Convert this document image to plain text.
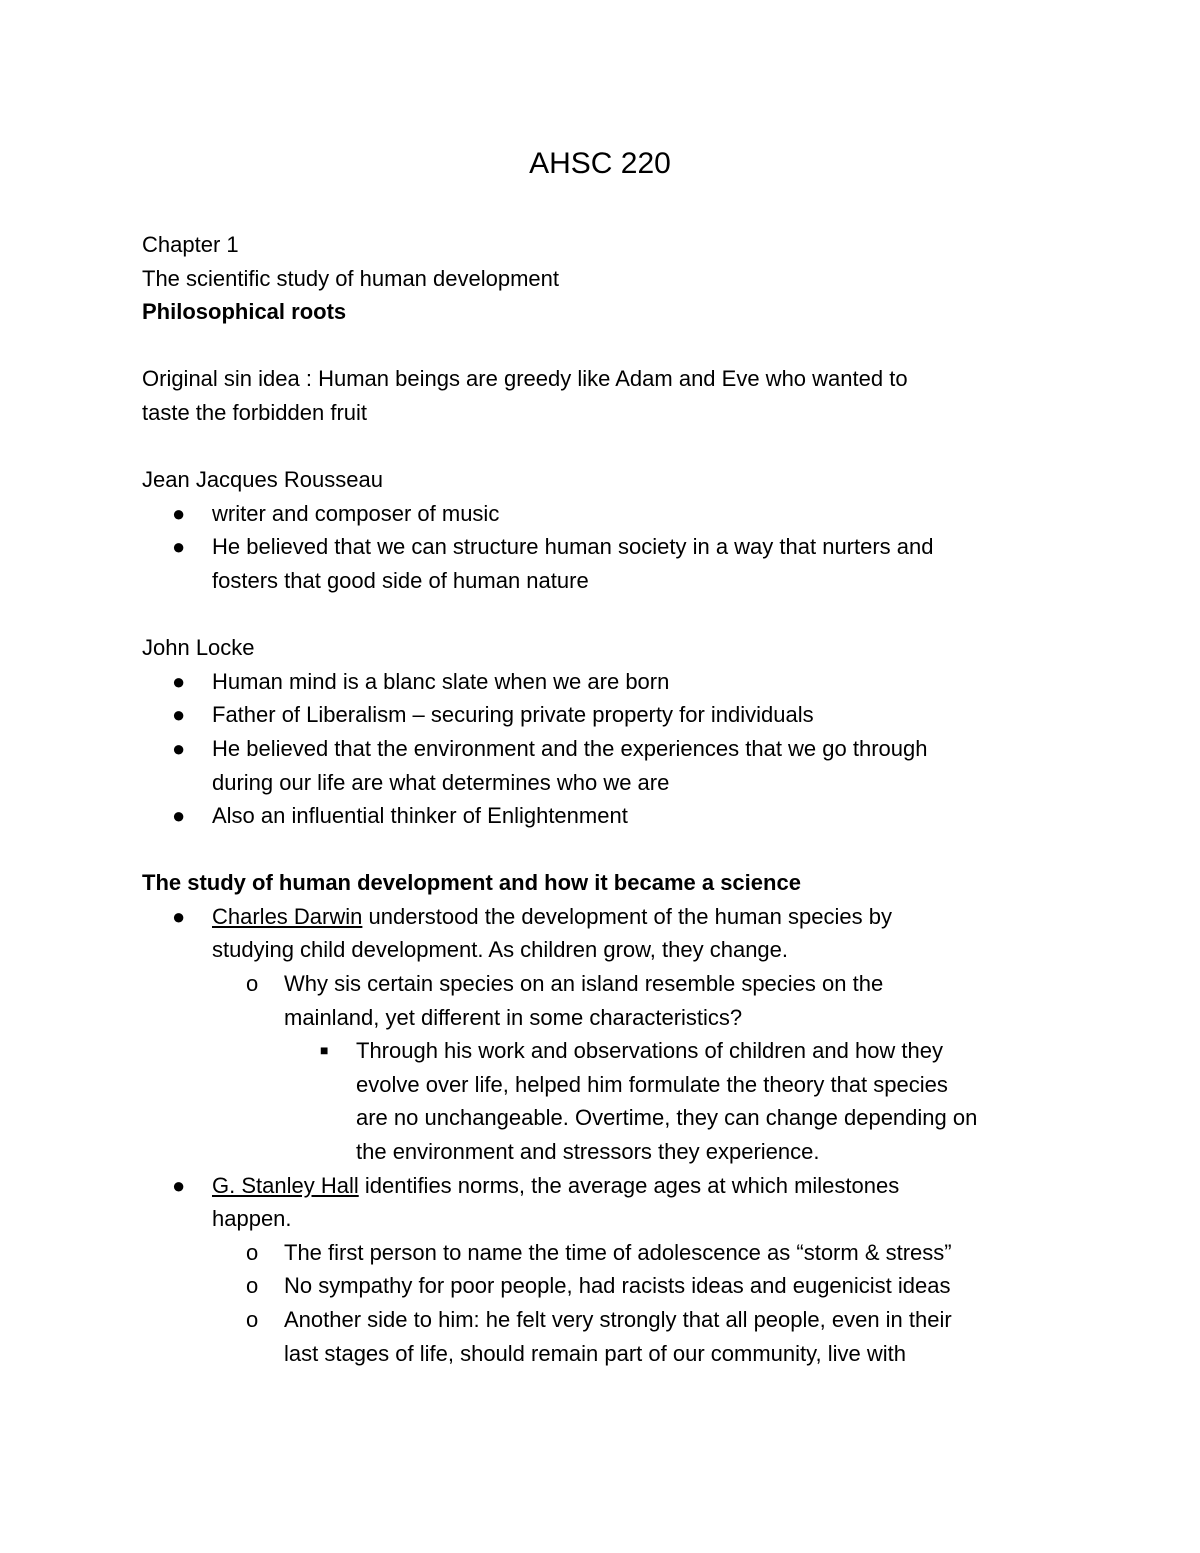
AHSC 220

Chapter 1

The scientific study of human development

Philosophical roots

Original sin idea : Human beings are greedy like Adam and Eve who wanted to

taste the forbidden fruit

Jean Jacques Rousseau

● writer and composer of music

● He believed that we can structure human society in a way that nurters and

fosters that good side of human nature

John Locke

● Human mind is a blanc slate when we are born

● Father of Liberalism – securing private property for individuals

● He believed that the environment and the experiences that we go through

during our life are what determines who we are

● Also an influential thinker of Enlightenment

The study of human development and how it became a science

● Charles Darwin understood the development of the human species by

studying child development. As children grow, they change.

o Why sis certain species on an island resemble species on the

mainland, yet different in some characteristics?

■ Through his work and observations of children and how they

evolve over life, helped him formulate the theory that species

are no unchangeable. Overtime, they can change depending on

the environment and stressors they experience.

● G. Stanley Hall identifies norms, the average ages at which milestones

happen.

o The first person to name the time of adolescence as “storm & stress”

o No sympathy for poor people, had racists ideas and eugenicist ideas

o Another side to him: he felt very strongly that all people, even in their

last stages of life, should remain part of our community, live with
